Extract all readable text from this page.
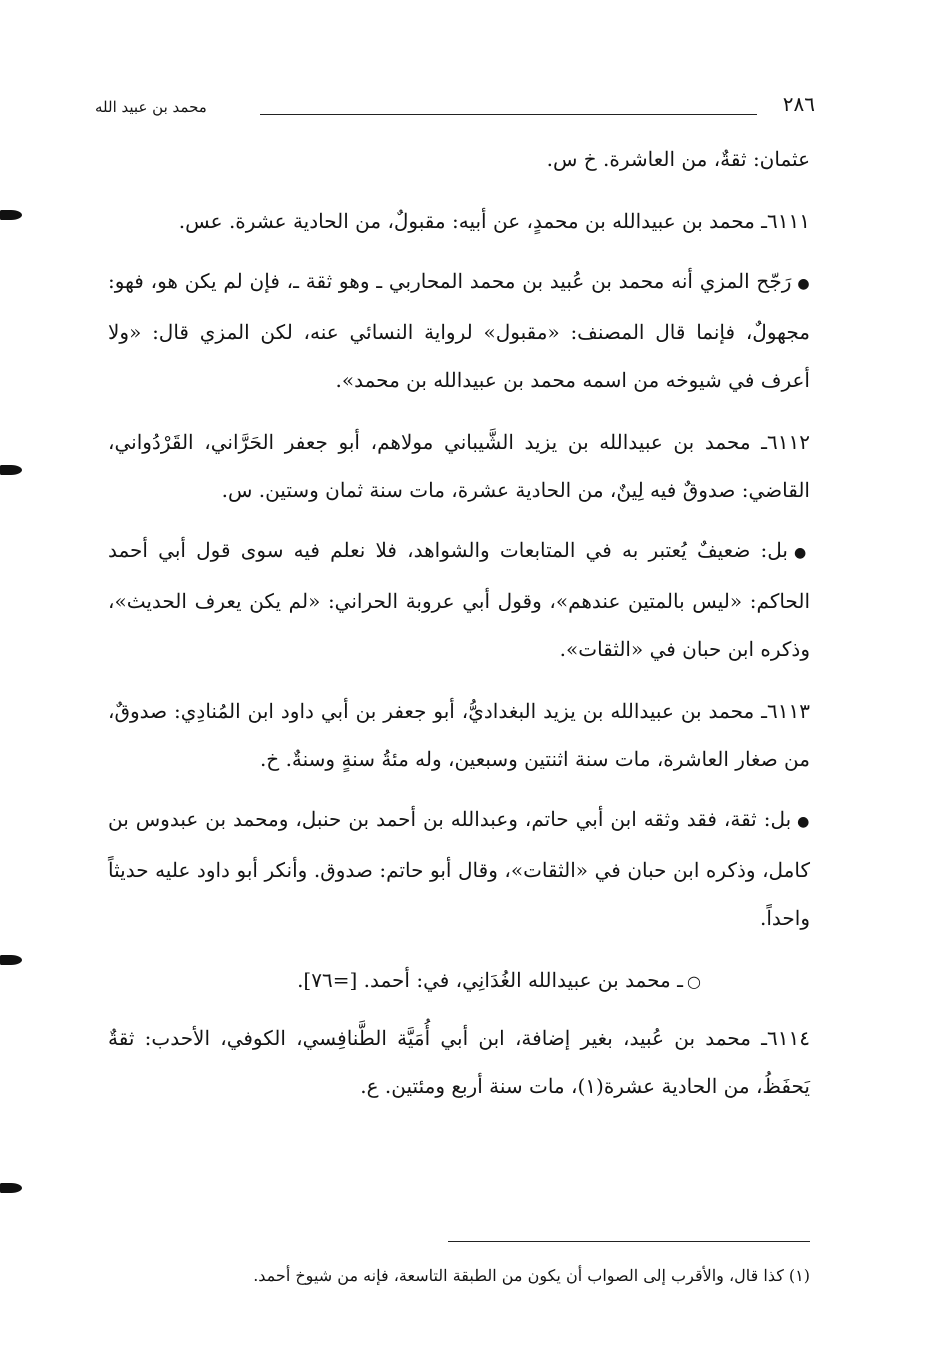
٢٨٦
محمد بن عبيد الله

عثمان: ثقةٌ، من العاشرة. خ س.

٦١١١ـ محمد بن عبيدالله بن محمدٍ، عن أبيه: مقبولٌ، من الحادية عشرة. عس.

●رَجّح المزي أنه محمد بن عُبيد بن محمد المحاربي ـ وهو ثقة ـ، فإن لم يكن هو، فهو: مجهولٌ، فإنما قال المصنف: «مقبول» لرواية النسائي عنه، لكن المزي قال: «ولا أعرف في شيوخه من اسمه محمد بن عبيدالله بن محمد».

٦١١٢ـ محمد بن عبيدالله بن يزيد الشَّيباني مولاهم، أبو جعفر الحَرَّاني، القَرْدُواني، القاضي: صدوقٌ فيه لِينٌ، من الحادية عشرة، مات سنة ثمان وستين. س.

●بل: ضعيفٌ يُعتبر به في المتابعات والشواهد، فلا نعلم فيه سوى قول أبي أحمد الحاكم: «ليس بالمتين عندهم»، وقول أبي عروبة الحراني: «لم يكن يعرف الحديث»، وذكره ابن حبان في «الثقات».

٦١١٣ـ محمد بن عبيدالله بن يزيد البغداديُّ، أبو جعفر بن أبي داود ابن المُنادِي: صدوقٌ، من صغار العاشرة، مات سنة اثنتين وسبعين، وله مئةُ سنةٍ وسنةٌ. خ.

●بل: ثقة، فقد وثقه ابن أبي حاتم، وعبدالله بن أحمد بن حنبل، ومحمد بن عبدوس بن كامل، وذكره ابن حبان في «الثقات»، وقال أبو حاتم: صدوق. وأنكر أبو داود عليه حديثاً واحداً.

○ـ محمد بن عبيدالله الغُدَانِي، في: أحمد. [=٧٦].

٦١١٤ـ محمد بن عُبيد، بغير إضافة، ابن أبي أُمَيَّة الطَّنافِسي، الكوفي، الأحدب: ثقةٌ يَحفَظُ، من الحادية عشرة(١)، مات سنة أربع ومئتين. ع.

(١) كذا قال، والأقرب إلى الصواب أن يكون من الطبقة التاسعة، فإنه من شيوخ أحمد.
